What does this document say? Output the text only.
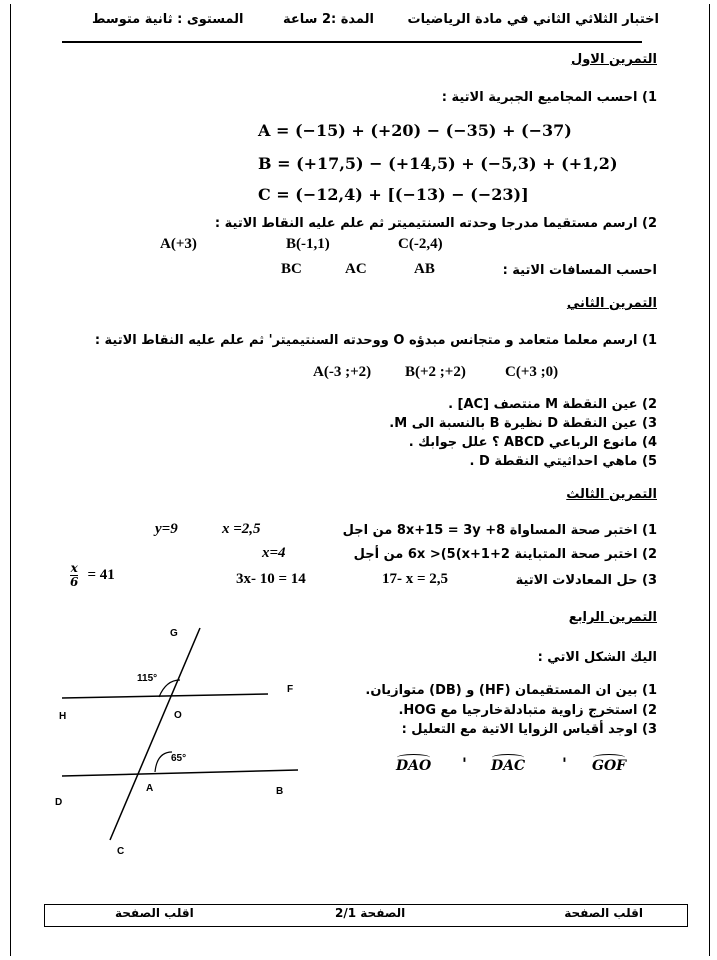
اختبار الثلاثي الثاني في مادة الرياضيات
المدة :2 ساعة
المستوى : ثانية متوسط
التمرين الاول
1) احسب المجاميع الجبرية الاتية :
A = (−15) + (+20) − (−35) + (−37)
B = (+17,5) − (+14,5) + (−5,3) + (+1,2)
C = (−12,4) + [(−13) − (−23)]
2) ارسم مستقيما مدرجا وحدته السنتيميتر ثم علم عليه النقاط الاتية :
A(+3)	B(-1,1)	C(-2,4)
احسب المسافات الاتية :
AB
AC
BC
التمرين الثاني
1) ارسم معلما متعامد و متجانس مبدؤه O ووحدته السنتيميتر' ثم علم عليه النقاط الاتية :
A(-3 ;+2) B(+2 ;+2)	C(+3 ;0)
2) عين النقطة M منتصف [AC] .
3) عين النقطة D نظيرة B بالنسبة الى M.
4) مانوع الرباعي ABCD ؟ علل جوابك .
5) ماهي احداثيتي النقطة D .
التمرين الثالث
1) اختبر صحة المساواة 8x+15 = 3y +8 من اجل
x =2,5
y=9
2) اختبر صحة المتباينة 2+6x >(5(x+1 من أجل
x=4
3) حل المعادلات الاتية
17- x = 2,5
3x- 10 = 14
$\frac{x}{6} = 41$
التمرين الرابع
اليك الشكل الاتي :
1) بين ان المستقيمان (HF) و (DB) متوازيان.
2) استخرج زاوية متبادلةخارجيا مع HOG.
3) اوجد أقياس الزوايا الاتية مع التعليل :
GOF
'
DAC
'
DAO
G
F
H	O
A	B
D
C
115°
65°
اقلب الصفحة	الصفحة 2/1	اقلب الصفحة
